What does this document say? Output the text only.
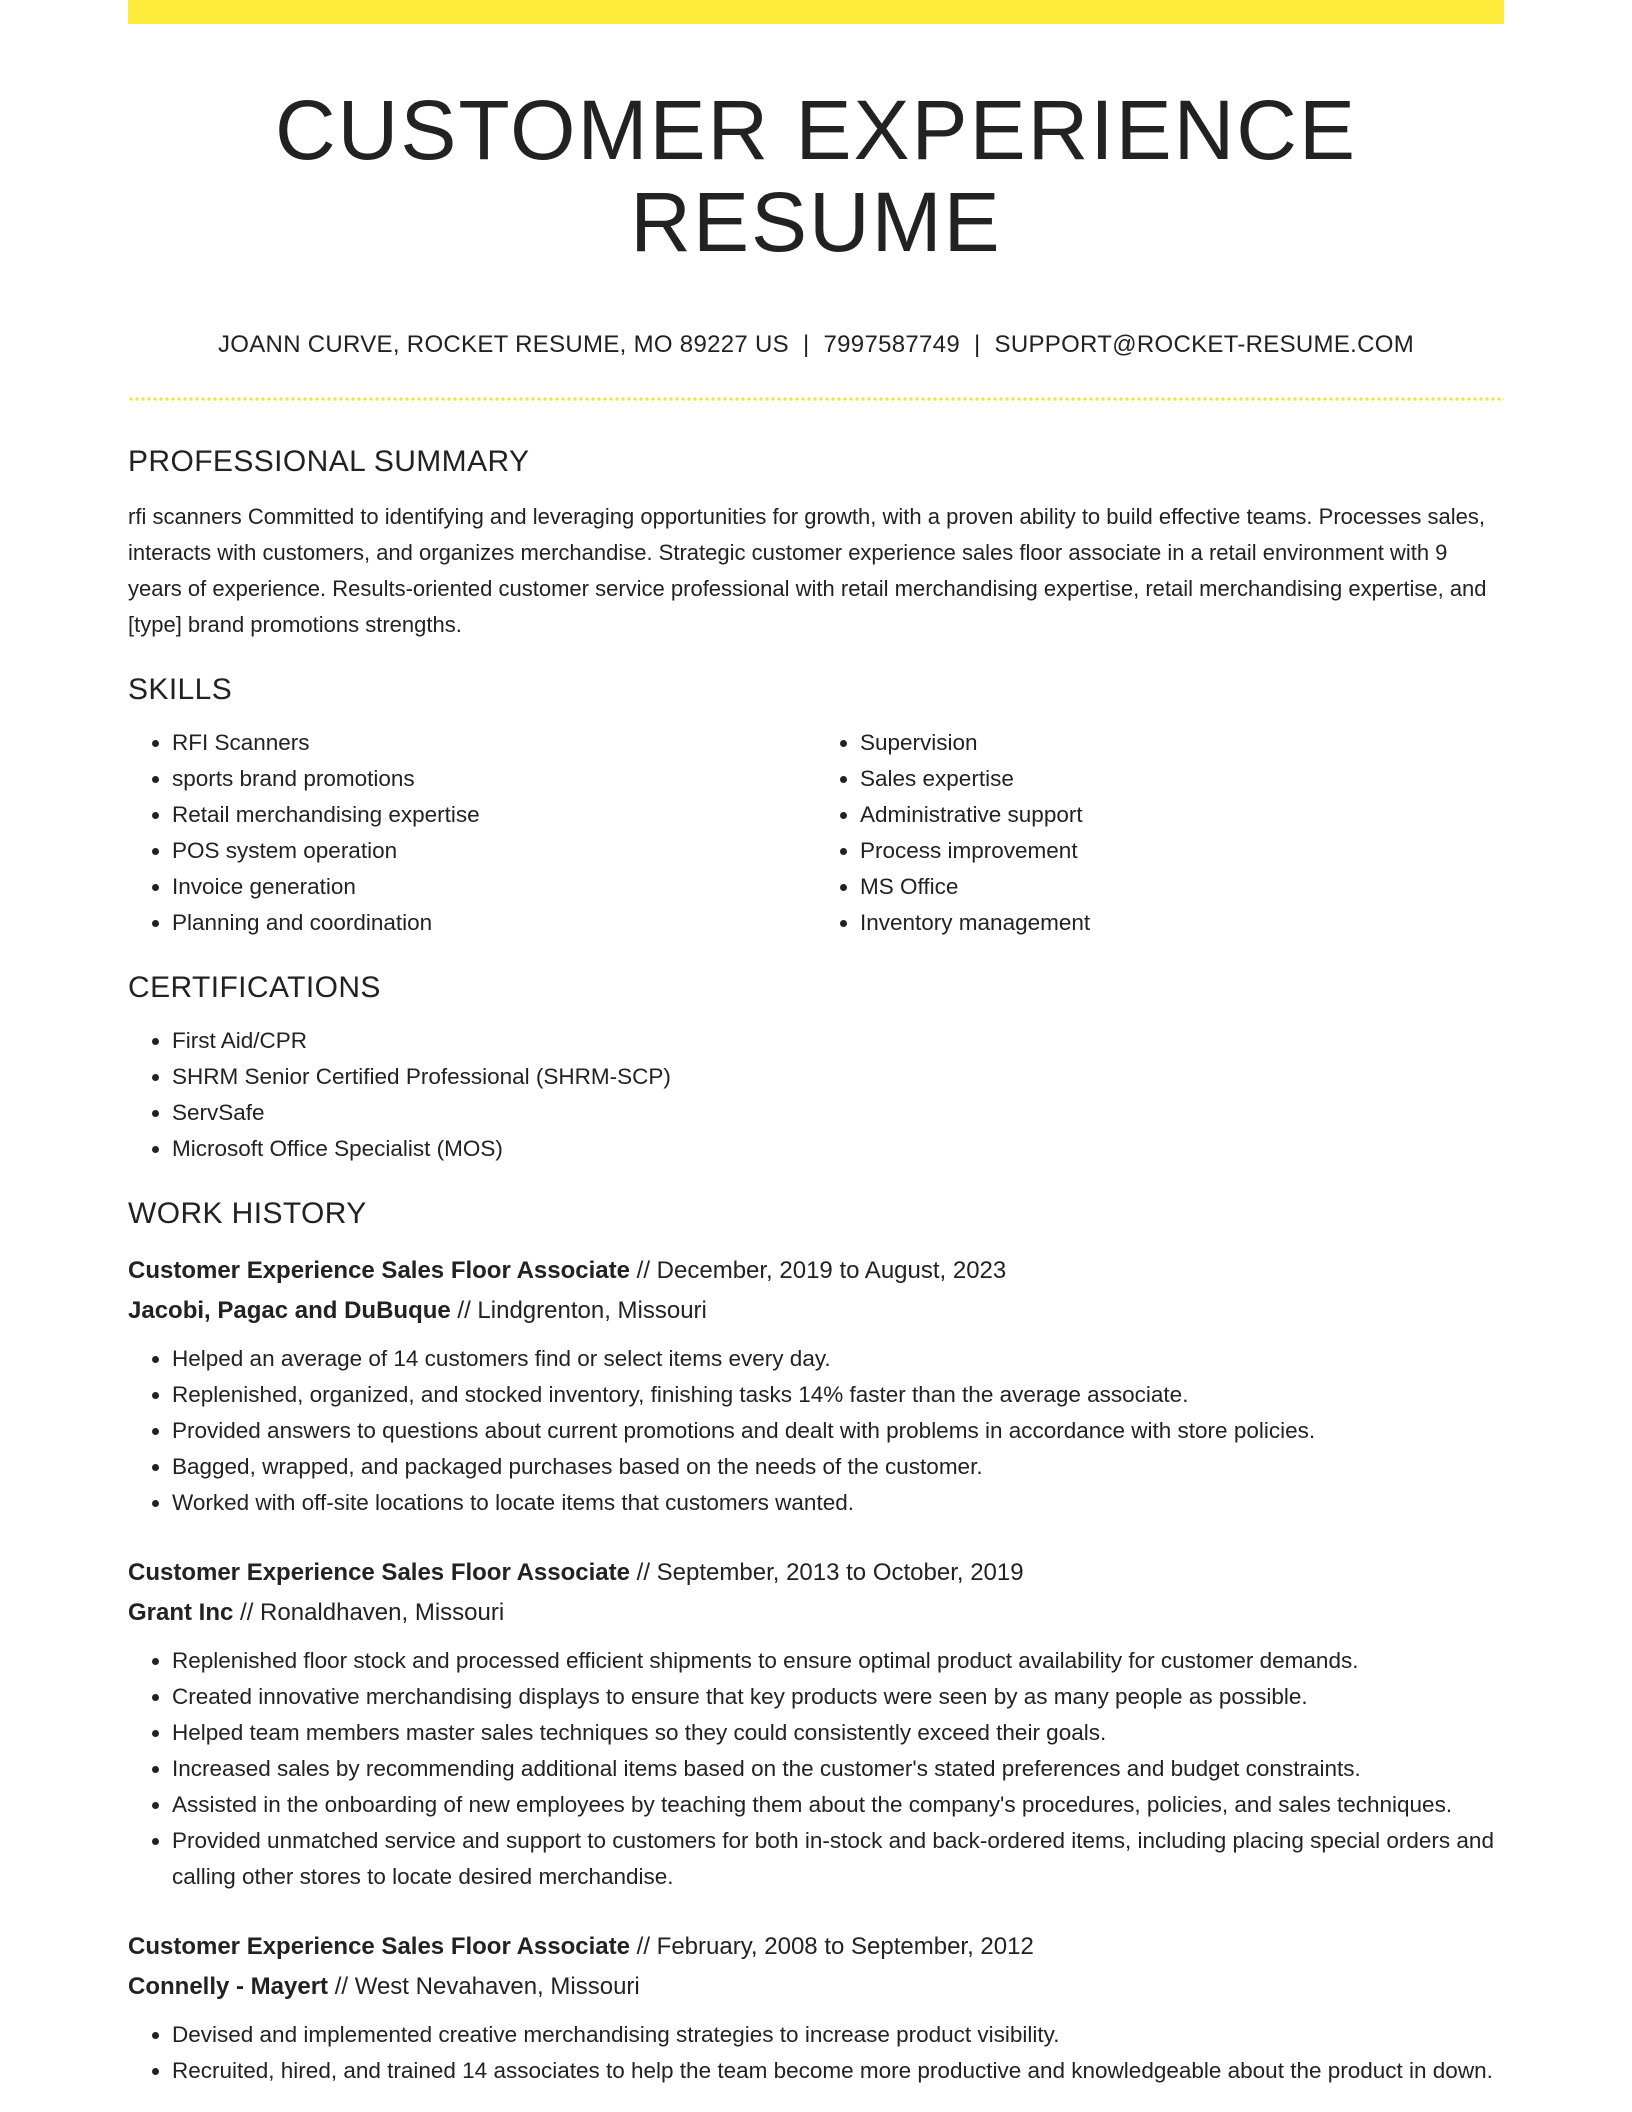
CUSTOMER EXPERIENCE RESUME
JOANN CURVE, ROCKET RESUME, MO 89227 US | 7997587749 | SUPPORT@ROCKET-RESUME.COM
PROFESSIONAL SUMMARY

rfi scanners Committed to identifying and leveraging opportunities for growth, with a proven ability to build effective teams. Processes sales, interacts with customers, and organizes merchandise. Strategic customer experience sales floor associate in a retail environment with 9 years of experience. Results-oriented customer service professional with retail merchandising expertise, retail merchandising expertise, and [type] brand promotions strengths.

SKILLS
• RFI Scanners
• sports brand promotions
• Retail merchandising expertise
• POS system operation
• Invoice generation
• Planning and coordination
• Supervision
• Sales expertise
• Administrative support
• Process improvement
• MS Office
• Inventory management
CERTIFICATIONS
• First Aid/CPR
• SHRM Senior Certified Professional (SHRM-SCP)
• ServSafe
• Microsoft Office Specialist (MOS)
WORK HISTORY
Customer Experience Sales Floor Associate // December, 2019 to August, 2023
Jacobi, Pagac and DuBuque // Lindgrenton, Missouri
• Helped an average of 14 customers find or select items every day.
• Replenished, organized, and stocked inventory, finishing tasks 14% faster than the average associate.
• Provided answers to questions about current promotions and dealt with problems in accordance with store policies.
• Bagged, wrapped, and packaged purchases based on the needs of the customer.
• Worked with off-site locations to locate items that customers wanted.
Customer Experience Sales Floor Associate // September, 2013 to October, 2019
Grant Inc // Ronaldhaven, Missouri
• Replenished floor stock and processed efficient shipments to ensure optimal product availability for customer demands.
• Created innovative merchandising displays to ensure that key products were seen by as many people as possible.
• Helped team members master sales techniques so they could consistently exceed their goals.
• Increased sales by recommending additional items based on the customer's stated preferences and budget constraints.
• Assisted in the onboarding of new employees by teaching them about the company's procedures, policies, and sales techniques.
• Provided unmatched service and support to customers for both in-stock and back-ordered items, including placing special orders and calling other stores to locate desired merchandise.
Customer Experience Sales Floor Associate // February, 2008 to September, 2012
Connelly - Mayert // West Nevahaven, Missouri
• Devised and implemented creative merchandising strategies to increase product visibility.
• Recruited, hired, and trained 14 associates to help the team become more productive and knowledgeable about the product in down.
